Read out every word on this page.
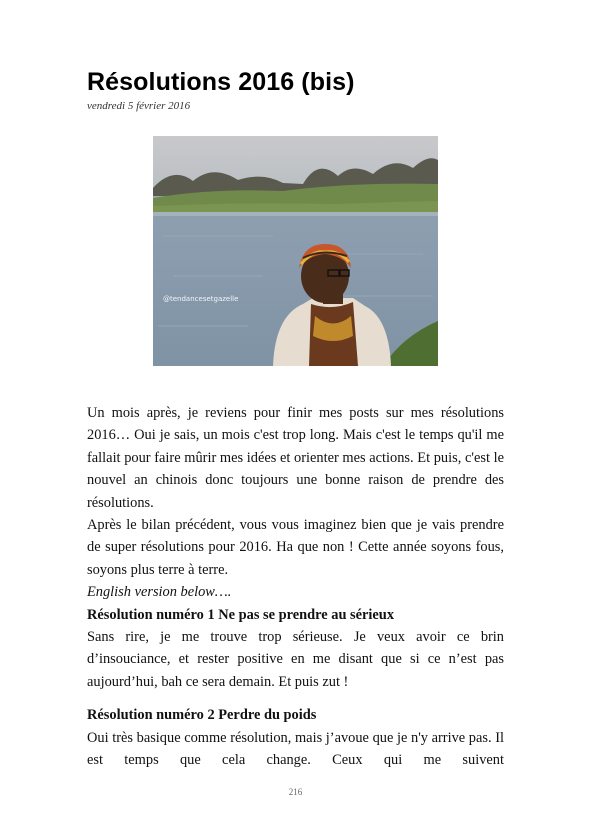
Résolutions 2016 (bis)
vendredi 5 février 2016
@tendancesetgazelle

Un mois après, je reviens pour finir mes posts sur mes résolutions 2016… Oui je sais, un mois c'est trop long. Mais c'est le temps qu'il me fallait pour faire mûrir mes idées et orienter mes actions. Et puis, c'est le nouvel an chinois donc toujours une bonne raison de prendre des résolutions.

Après le bilan précédent, vous vous imaginez bien que je vais prendre de super résolutions pour 2016. Ha que non ! Cette année soyons fous, soyons plus terre à terre.

English version below….

Résolution numéro 1 Ne pas se prendre au sérieux

Sans rire, je me trouve trop sérieuse. Je veux avoir ce brin d’insouciance, et rester positive en me disant que si ce n’est pas aujourd’hui, bah ce sera demain. Et puis zut !

Résolution numéro 2 Perdre du poids

Oui très basique comme résolution, mais j’avoue que je n'y arrive pas. Il est temps que cela change. Ceux qui me suivent

216
